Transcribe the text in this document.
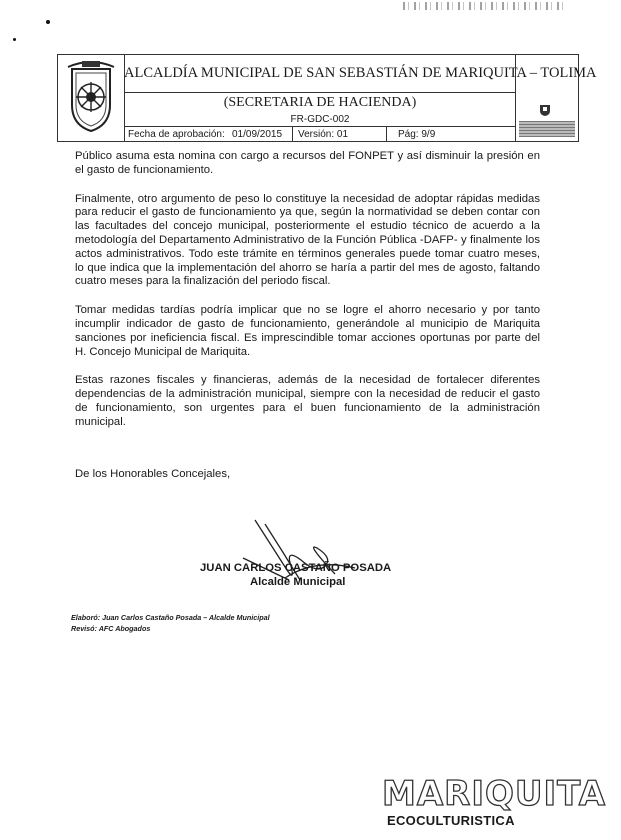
ALCALDÍA MUNICIPAL DE SAN SEBASTIÁN DE MARIQUITA – TOLIMA
(SECRETARIA DE HACIENDA)
FR-GDC-002
Fecha de aprobación: 01/09/2015 Versión: 01	Pág: 9/9

Público asuma esta nomina con cargo a recursos del FONPET y así disminuir la presión en el gasto de funcionamiento.

Finalmente, otro argumento de peso lo constituye la necesidad de adoptar rápidas medidas para reducir el gasto de funcionamiento ya que, según la normatividad se deben contar con las facultades del concejo municipal, posteriormente el estudio técnico de acuerdo a la metodología del Departamento Administrativo de la Función Pública -DAFP- y finalmente los actos administrativos. Todo este trámite en términos generales puede tomar cuatro meses, lo que indica que la implementación del ahorro se haría a partir del mes de agosto, faltando cuatro meses para la finalización del periodo fiscal.

Tomar medidas tardías podría implicar que no se logre el ahorro necesario y por tanto incumplir indicador de gasto de funcionamiento, generándole al municipio de Mariquita sanciones por ineficiencia fiscal. Es imprescindible tomar acciones oportunas por parte del H. Concejo Municipal de Mariquita.

Estas razones fiscales y financieras, además de la necesidad de fortalecer diferentes dependencias de la administración municipal, siempre con la necesidad de reducir el gasto de funcionamiento, son urgentes para el buen funcionamiento de la administración municipal.

De los Honorables Concejales,
JUAN CARLOS CASTAÑO POSADA
Alcalde Municipal
Elaboró: Juan Carlos Castaño Posada – Alcalde Municipal
Revisó: AFC Abogados
MARIQUITA
ECOCULTURISTICA
